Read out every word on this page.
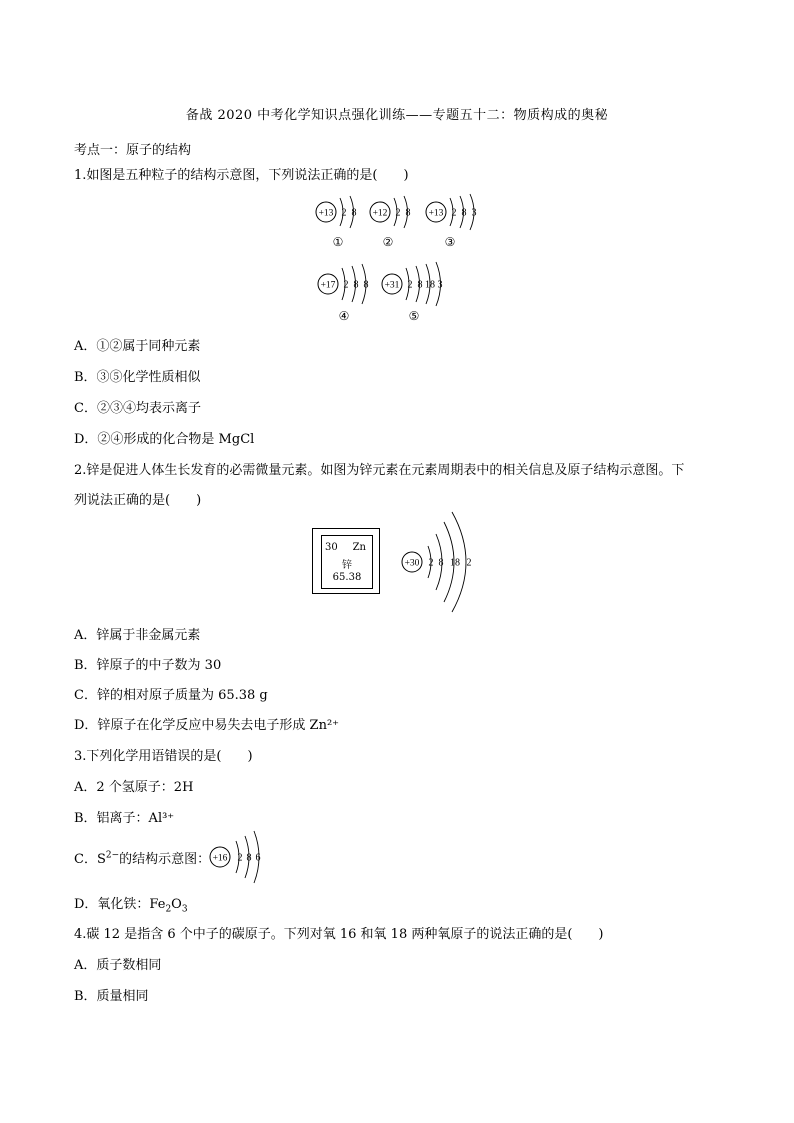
备战 2020 中考化学知识点强化训练——专题五十二：物质构成的奥秘
考点一：原子的结构
1.如图是五种粒子的结构示意图，下列说法正确的是(　　)
+13 2 8
①
+12 2 8
②
+13 2 8 3
③
+17 2 8 8
④
+31 2 8 18 3
⑤
A．①②属于同种元素
B．③⑤化学性质相似
C．②③④均表示离子
D．②④形成的化合物是 MgCl
2.锌是促进人体生长发育的必需微量元素。如图为锌元素在元素周期表中的相关信息及原子结构示意图。下
列说法正确的是(　　)
30 Zn
锌
65.38
+30 2 8 18 2
A．锌属于非金属元素
B．锌原子的中子数为 30
C．锌的相对原子质量为 65.38 g
D．锌原子在化学反应中易失去电子形成 Zn²⁺
3.下列化学用语错误的是(　　)
A．2 个氢原子：2H
B．铝离子：Al³⁺
C．$S^{2-}$的结构示意图： +16 2 8 6
D．氧化铁：$Fe_2O_3$
4.碳 12 是指含 6 个中子的碳原子。下列对氧 16 和氧 18 两种氧原子的说法正确的是(　　)
A．质子数相同
B．质量相同
